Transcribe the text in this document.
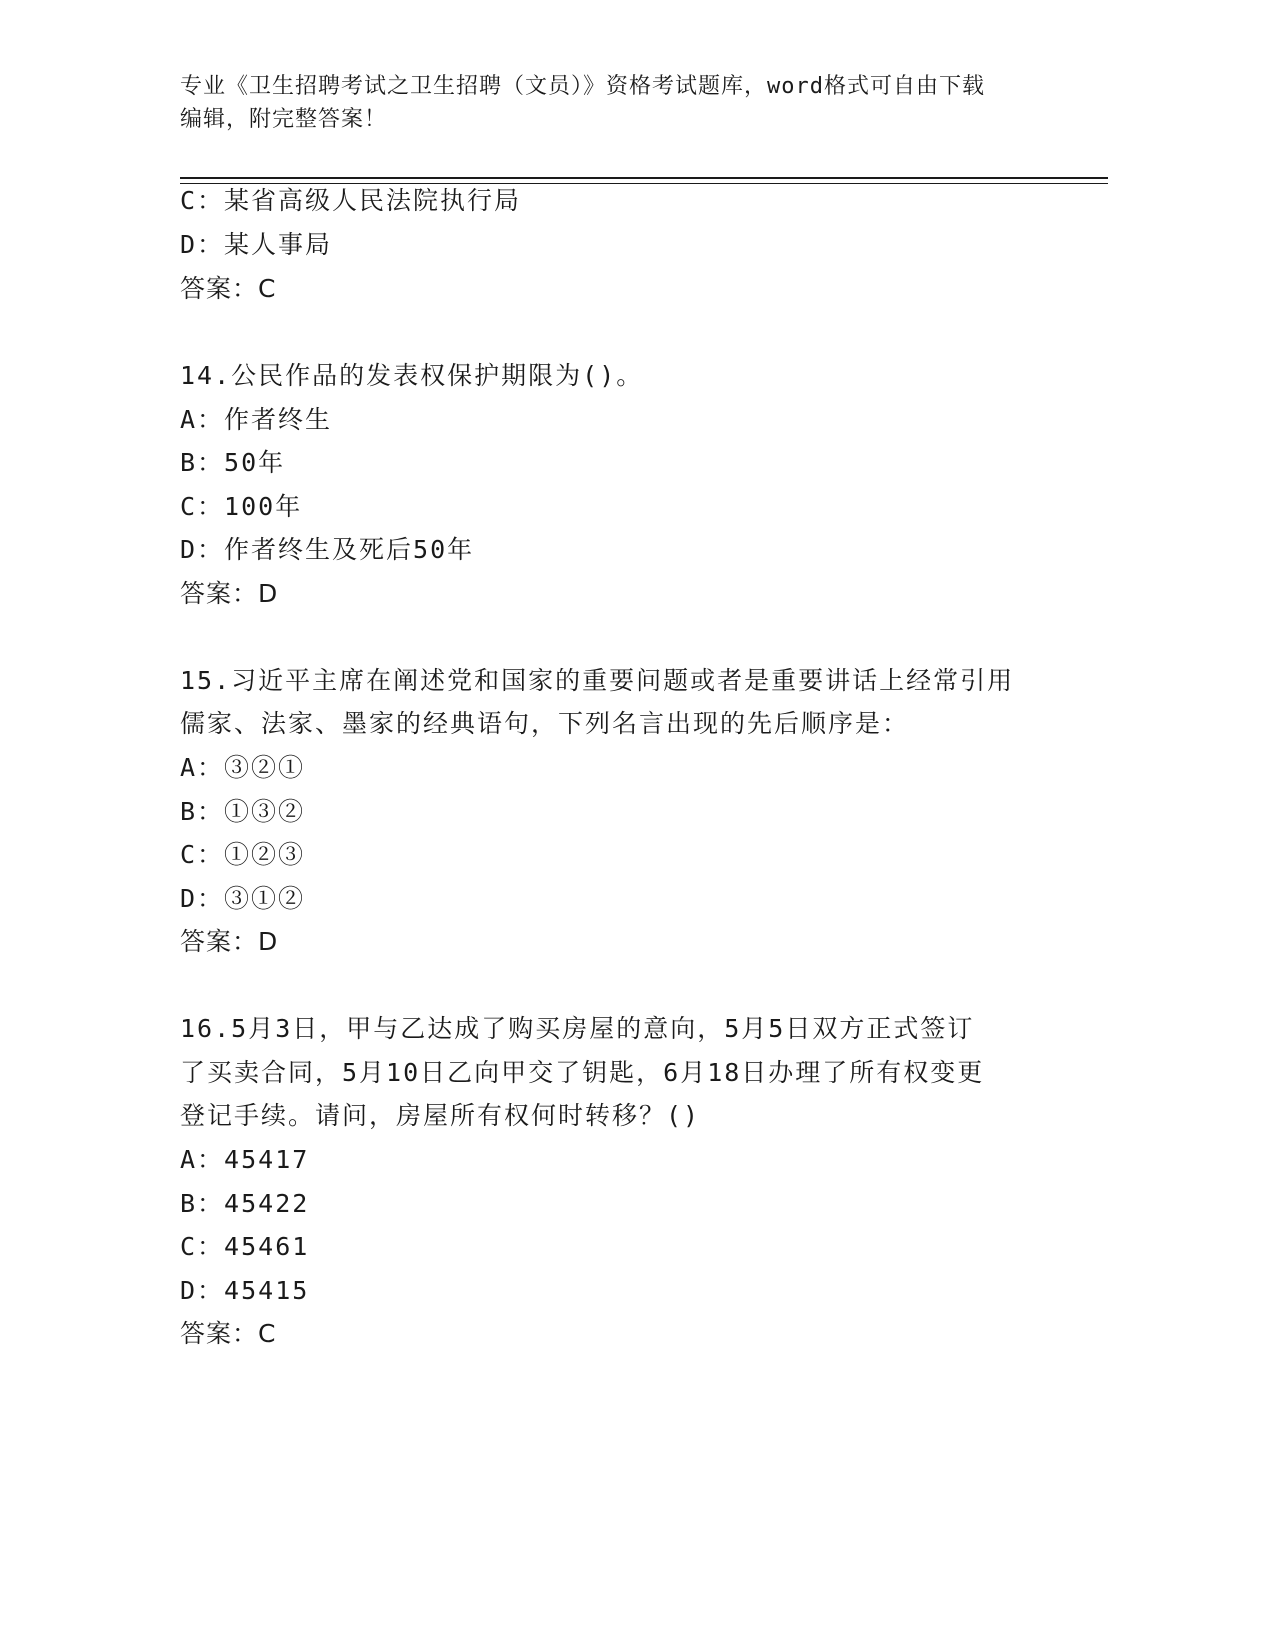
专业《卫生招聘考试之卫生招聘（文员）》资格考试题库，word格式可自由下载
编辑，附完整答案！
C：某省高级人民法院执行局
D：某人事局
答案：C
14.公民作品的发表权保护期限为()。
A：作者终生
B：50年
C：100年
D：作者终生及死后50年
答案：D
15.习近平主席在阐述党和国家的重要问题或者是重要讲话上经常引用
儒家、法家、墨家的经典语句，下列名言出现的先后顺序是：
A：③②①
B：①③②
C：①②③
D：③①②
答案：D
16.5月3日，甲与乙达成了购买房屋的意向，5月5日双方正式签订
了买卖合同，5月10日乙向甲交了钥匙，6月18日办理了所有权变更
登记手续。请问，房屋所有权何时转移？()
A：45417
B：45422
C：45461
D：45415
答案：C
